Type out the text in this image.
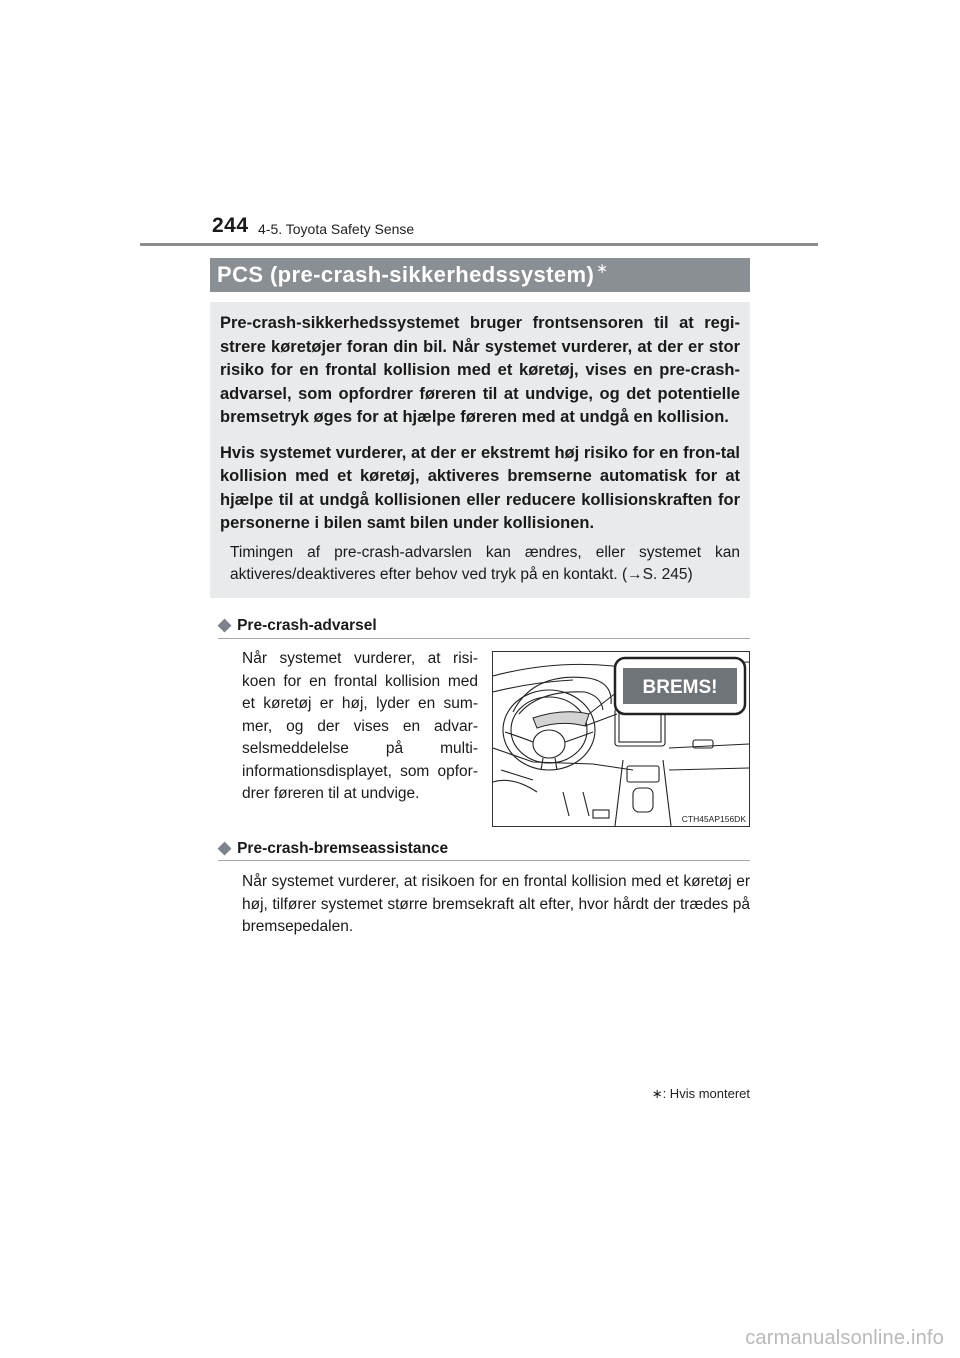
244 4-5. Toyota Safety Sense
PCS (pre-crash-sikkerhedssystem) ∗

Pre-crash-sikkerhedssystemet bruger frontsensoren til at regi-strere køretøjer foran din bil. Når systemet vurderer, at der er stor risiko for en frontal kollision med et køretøj, vises en pre-crash-advarsel, som opfordrer føreren til at undvige, og det potentielle bremsetryk øges for at hjælpe føreren med at undgå en kollision.

Hvis systemet vurderer, at der er ekstremt høj risiko for en fron-tal kollision med et køretøj, aktiveres bremserne automatisk for at hjælpe til at undgå kollisionen eller reducere kollisionskraften for personerne i bilen samt bilen under kollisionen.

Timingen af pre-crash-advarslen kan ændres, eller systemet kan aktiveres/deaktiveres efter behov ved tryk på en kontakt. (→S. 245)

◆ Pre-crash-advarsel

Når systemet vurderer, at risi-koen for en frontal kollision med et køretøj er høj, lyder en sum-mer, og der vises en advar-selsmeddelelse på multi-informationsdisplayet, som opfor-drer føreren til at undvige.

BREMS!
CTH45AP156DK
◆ Pre-crash-bremseassistance

Når systemet vurderer, at risikoen for en frontal kollision med et køretøj er høj, tilfører systemet større bremsekraft alt efter, hvor hårdt der trædes på bremsepedalen.

∗: Hvis monteret
carmanualsonline.info
